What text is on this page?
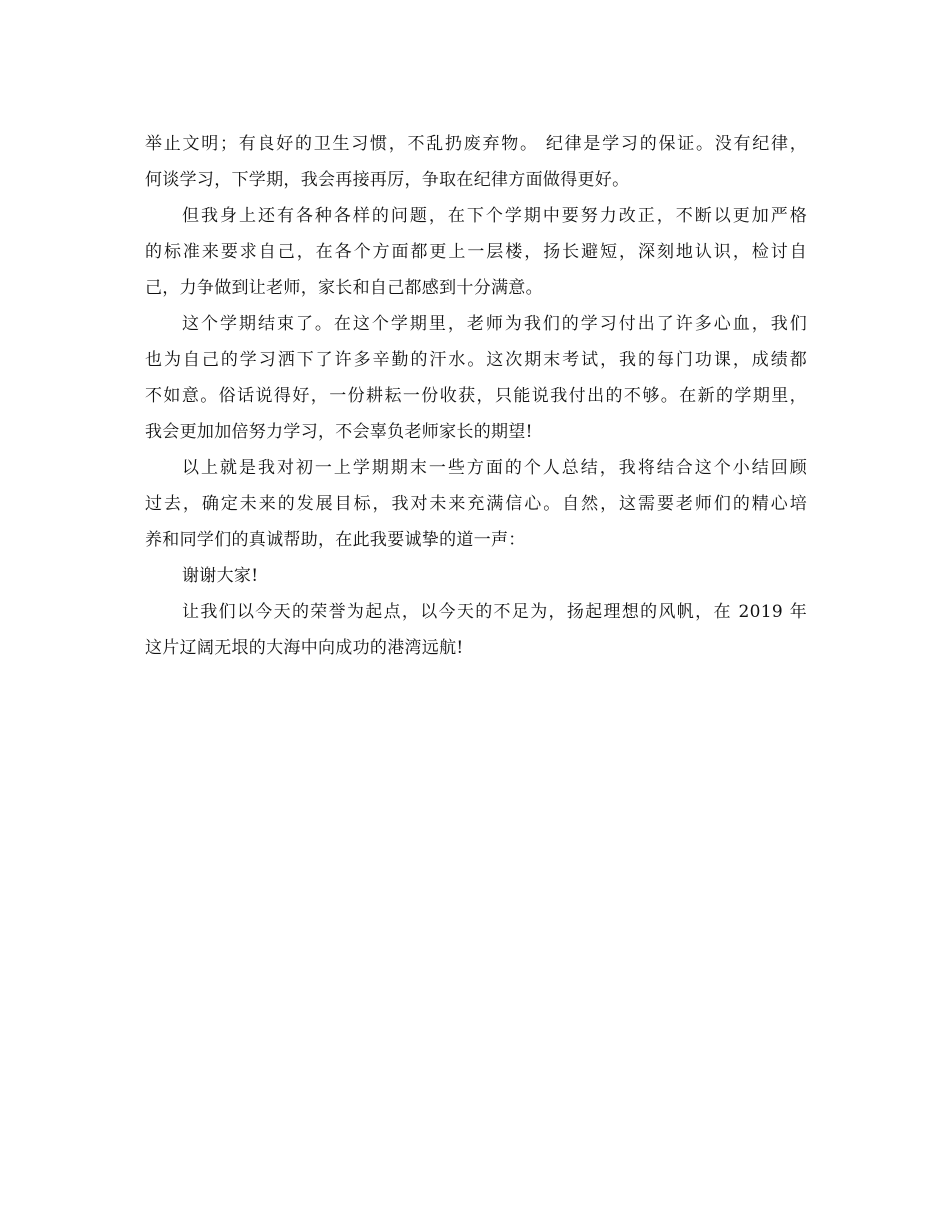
举止文明；有良好的卫生习惯，不乱扔废弃物。 纪律是学习的保证。没有纪律，
何谈学习，下学期，我会再接再厉，争取在纪律方面做得更好。
但我身上还有各种各样的问题，在下个学期中要努力改正，不断以更加严格
的标准来要求自己，在各个方面都更上一层楼，扬长避短，深刻地认识，检讨自
己，力争做到让老师，家长和自己都感到十分满意。
这个学期结束了。在这个学期里，老师为我们的学习付出了许多心血，我们
也为自己的学习洒下了许多辛勤的汗水。这次期末考试，我的每门功课，成绩都
不如意。俗话说得好，一份耕耘一份收获，只能说我付出的不够。在新的学期里，
我会更加加倍努力学习，不会辜负老师家长的期望!
以上就是我对初一上学期期末一些方面的个人总结，我将结合这个小结回顾
过去，确定未来的发展目标，我对未来充满信心。自然，这需要老师们的精心培
养和同学们的真诚帮助，在此我要诚挚的道一声：
谢谢大家!
让我们以今天的荣誉为起点，以今天的不足为，扬起理想的风帆，在 2019 年
这片辽阔无垠的大海中向成功的港湾远航!
